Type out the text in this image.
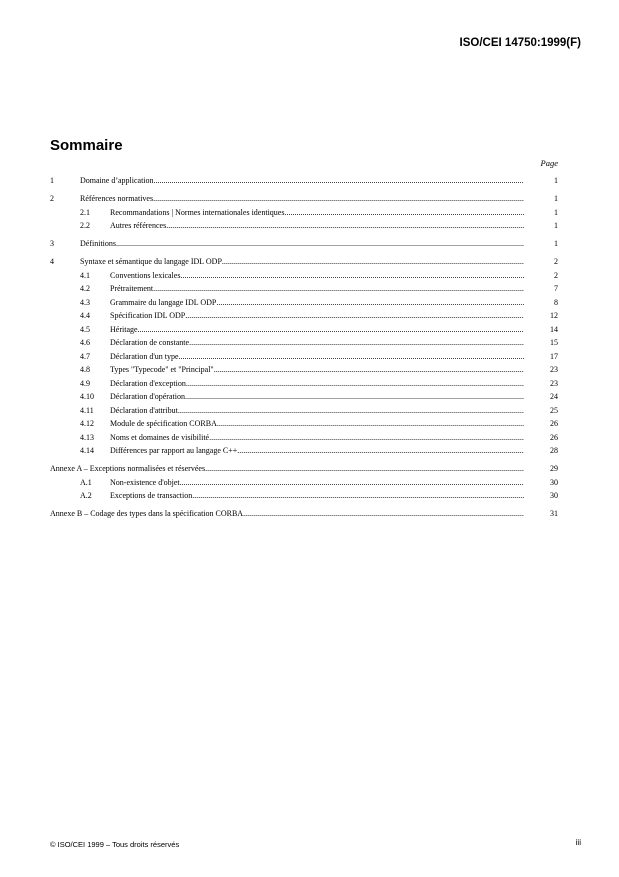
ISO/CEI 14750:1999(F)
Sommaire
Page
1	Domaine d’application .....	1
2	Références normatives .....	1
2.1	Recommandations | Normes internationales identiques .....	1
2.2	Autres références .....	1
3	Définitions .....	1
4	Syntaxe et sémantique du langage IDL ODP .....	2
4.1	Conventions lexicales .....	2
4.2	Prétraitement .....	7
4.3	Grammaire du langage IDL ODP .....	8
4.4	Spécification IDL ODP .....	12
4.5	Héritage .....	14
4.6	Déclaration de constante .....	15
4.7	Déclaration d'un type .....	17
4.8	Types "Typecode" et "Principal" .....	23
4.9	Déclaration d'exception .....	23
4.10	Déclaration d'opération .....	24
4.11	Déclaration d'attribut .....	25
4.12	Module de spécification CORBA .....	26
4.13	Noms et domaines de visibilité .....	26
4.14	Différences par rapport au langage C++ .....	28
Annexe A – Exceptions normalisées et réservées .....	29
A.1	Non-existence d'objet .....	30
A.2	Exceptions de transaction .....	30
Annexe B – Codage des types dans la spécification CORBA .....	31
© ISO/CEI 1999 – Tous droits réservés	iii
